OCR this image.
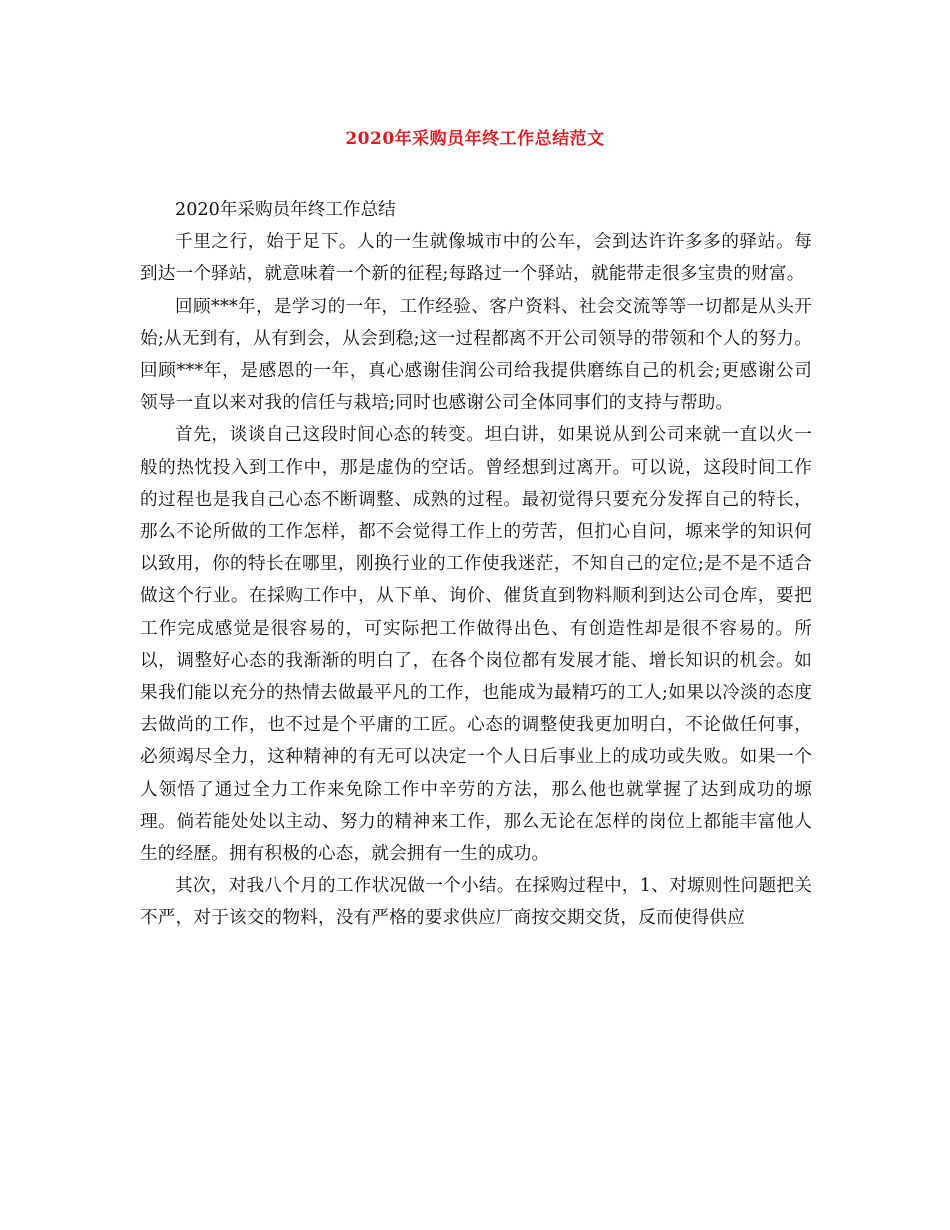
2020年采购员年终工作总结范文

2020年采购员年终工作总结

千里之行，始于足下。人的一生就像城市中的公车，会到达许许多多的驿站。每到达一个驿站，就意味着一个新的征程;每路过一个驿站，就能带走很多宝贵的财富。

回顾***年，是学习的一年，工作经验、客户资料、社会交流等等一切都是从头开始;从无到有，从有到会，从会到稳;这一过程都离不开公司领导的带领和个人的努力。回顾***年，是感恩的一年，真心感谢佳润公司给我提供磨练自己的机会;更感谢公司领导一直以来对我的信任与栽培;同时也感谢公司全体同事们的支持与帮助。

首先，谈谈自己这段时间心态的转变。坦白讲，如果说从到公司来就一直以火一般的热忱投入到工作中，那是虚伪的空话。曾经想到过离开。可以说，这段时间工作的过程也是我自己心态不断调整、成熟的过程。最初觉得只要充分发挥自己的特长，那么不论所做的工作怎样，都不会觉得工作上的劳苦，但扪心自问，塬来学的知识何以致用，你的特长在哪里，刚换行业的工作使我迷茫，不知自己的定位;是不是不适合做这个行业。在採购工作中，从下单、询价、催货直到物料顺利到达公司仓库，要把工作完成感觉是很容易的，可实际把工作做得出色、有创造性却是很不容易的。所以，调整好心态的我渐渐的明白了，在各个岗位都有发展才能、增长知识的机会。如果我们能以充分的热情去做最平凡的工作，也能成为最精巧的工人;如果以冷淡的态度去做尚的工作，也不过是个平庸的工匠。心态的调整使我更加明白，不论做任何事，必须竭尽全力，这种精神的有无可以决定一个人日后事业上的成功或失败。如果一个人领悟了通过全力工作来免除工作中辛劳的方法，那么他也就掌握了达到成功的塬理。倘若能处处以主动、努力的精神来工作，那么无论在怎样的岗位上都能丰富他人生的经歷。拥有积极的心态，就会拥有一生的成功。

其次，对我八个月的工作状况做一个小结。在採购过程中，1、对塬则性问题把关不严，对于该交的物料，没有严格的要求供应厂商按交期交货，反而使得供应
